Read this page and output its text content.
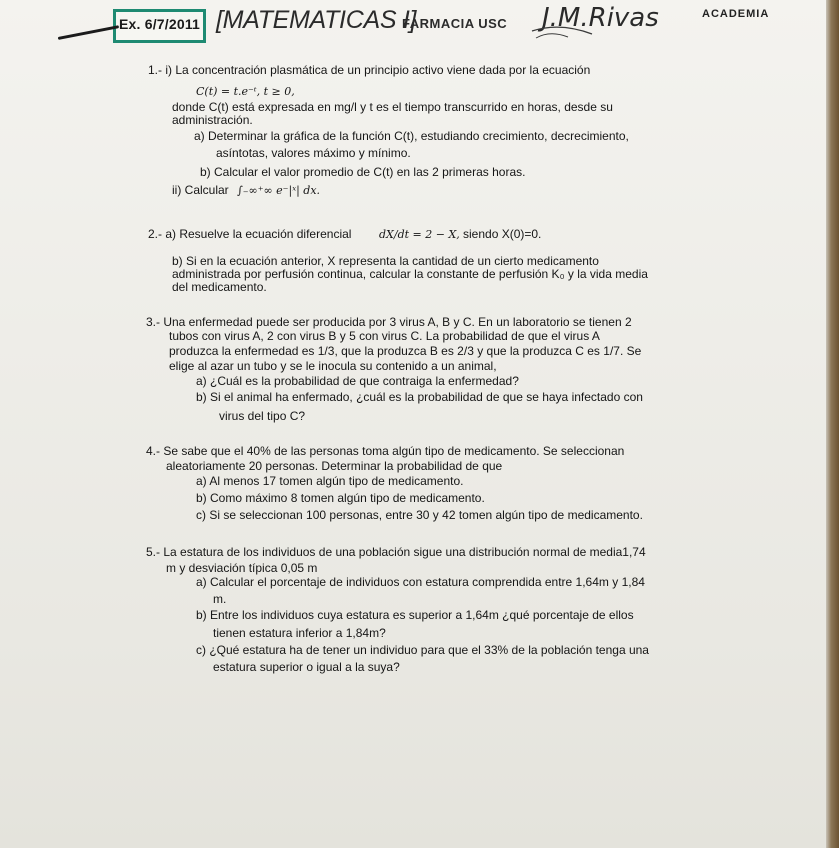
Ex. 6/7/2011 [MATEMATICAS I]
FARMACIA USC J.M.Rivas	ACADEMIA
1.- i) La concentración plasmática de un principio activo viene dada por la ecuación
C(t) = t.e⁻ᵗ, t ≥ 0,
donde C(t) está expresada en mg/l y t es el tiempo transcurrido en horas, desde su
administración.
a) Determinar la gráfica de la función C(t), estudiando crecimiento, decrecimiento,
asíntotas, valores máximo y mínimo.
b) Calcular el valor promedio de C(t) en las 2 primeras horas.
ii) Calcular ∫₋∞⁺∞ e⁻|ˣ| dx.
2.- a) Resuelve la ecuación diferencial	dX/dt = 2 − X, siendo X(0)=0.
b) Si en la ecuación anterior, X representa la cantidad de un cierto medicamento
administrada por perfusión continua, calcular la constante de perfusión K₀ y la vida media
del medicamento.
3.- Una enfermedad puede ser producida por 3 virus A, B y C. En un laboratorio se tienen 2
tubos con virus A, 2 con virus B y 5 con virus C. La probabilidad de que el virus A
produzca la enfermedad es 1/3, que la produzca B es 2/3 y que la produzca C es 1/7. Se
elige al azar un tubo y se le inocula su contenido a un animal,
a) ¿Cuál es la probabilidad de que contraiga la enfermedad?
b) Si el animal ha enfermado, ¿cuál es la probabilidad de que se haya infectado con
virus del tipo C?
4.- Se sabe que el 40% de las personas toma algún tipo de medicamento. Se seleccionan
aleatoriamente 20 personas. Determinar la probabilidad de que
a) Al menos 17 tomen algún tipo de medicamento.
b) Como máximo 8 tomen algún tipo de medicamento.
c) Si se seleccionan 100 personas, entre 30 y 42 tomen algún tipo de medicamento.
5.- La estatura de los individuos de una población sigue una distribución normal de media1,74
m y desviación típica 0,05 m
a) Calcular el porcentaje de individuos con estatura comprendida entre 1,64m y 1,84
m.
b) Entre los individuos cuya estatura es superior a 1,64m ¿qué porcentaje de ellos
tienen estatura inferior a 1,84m?
c) ¿Qué estatura ha de tener un individuo para que el 33% de la población tenga una
estatura superior o igual a la suya?
